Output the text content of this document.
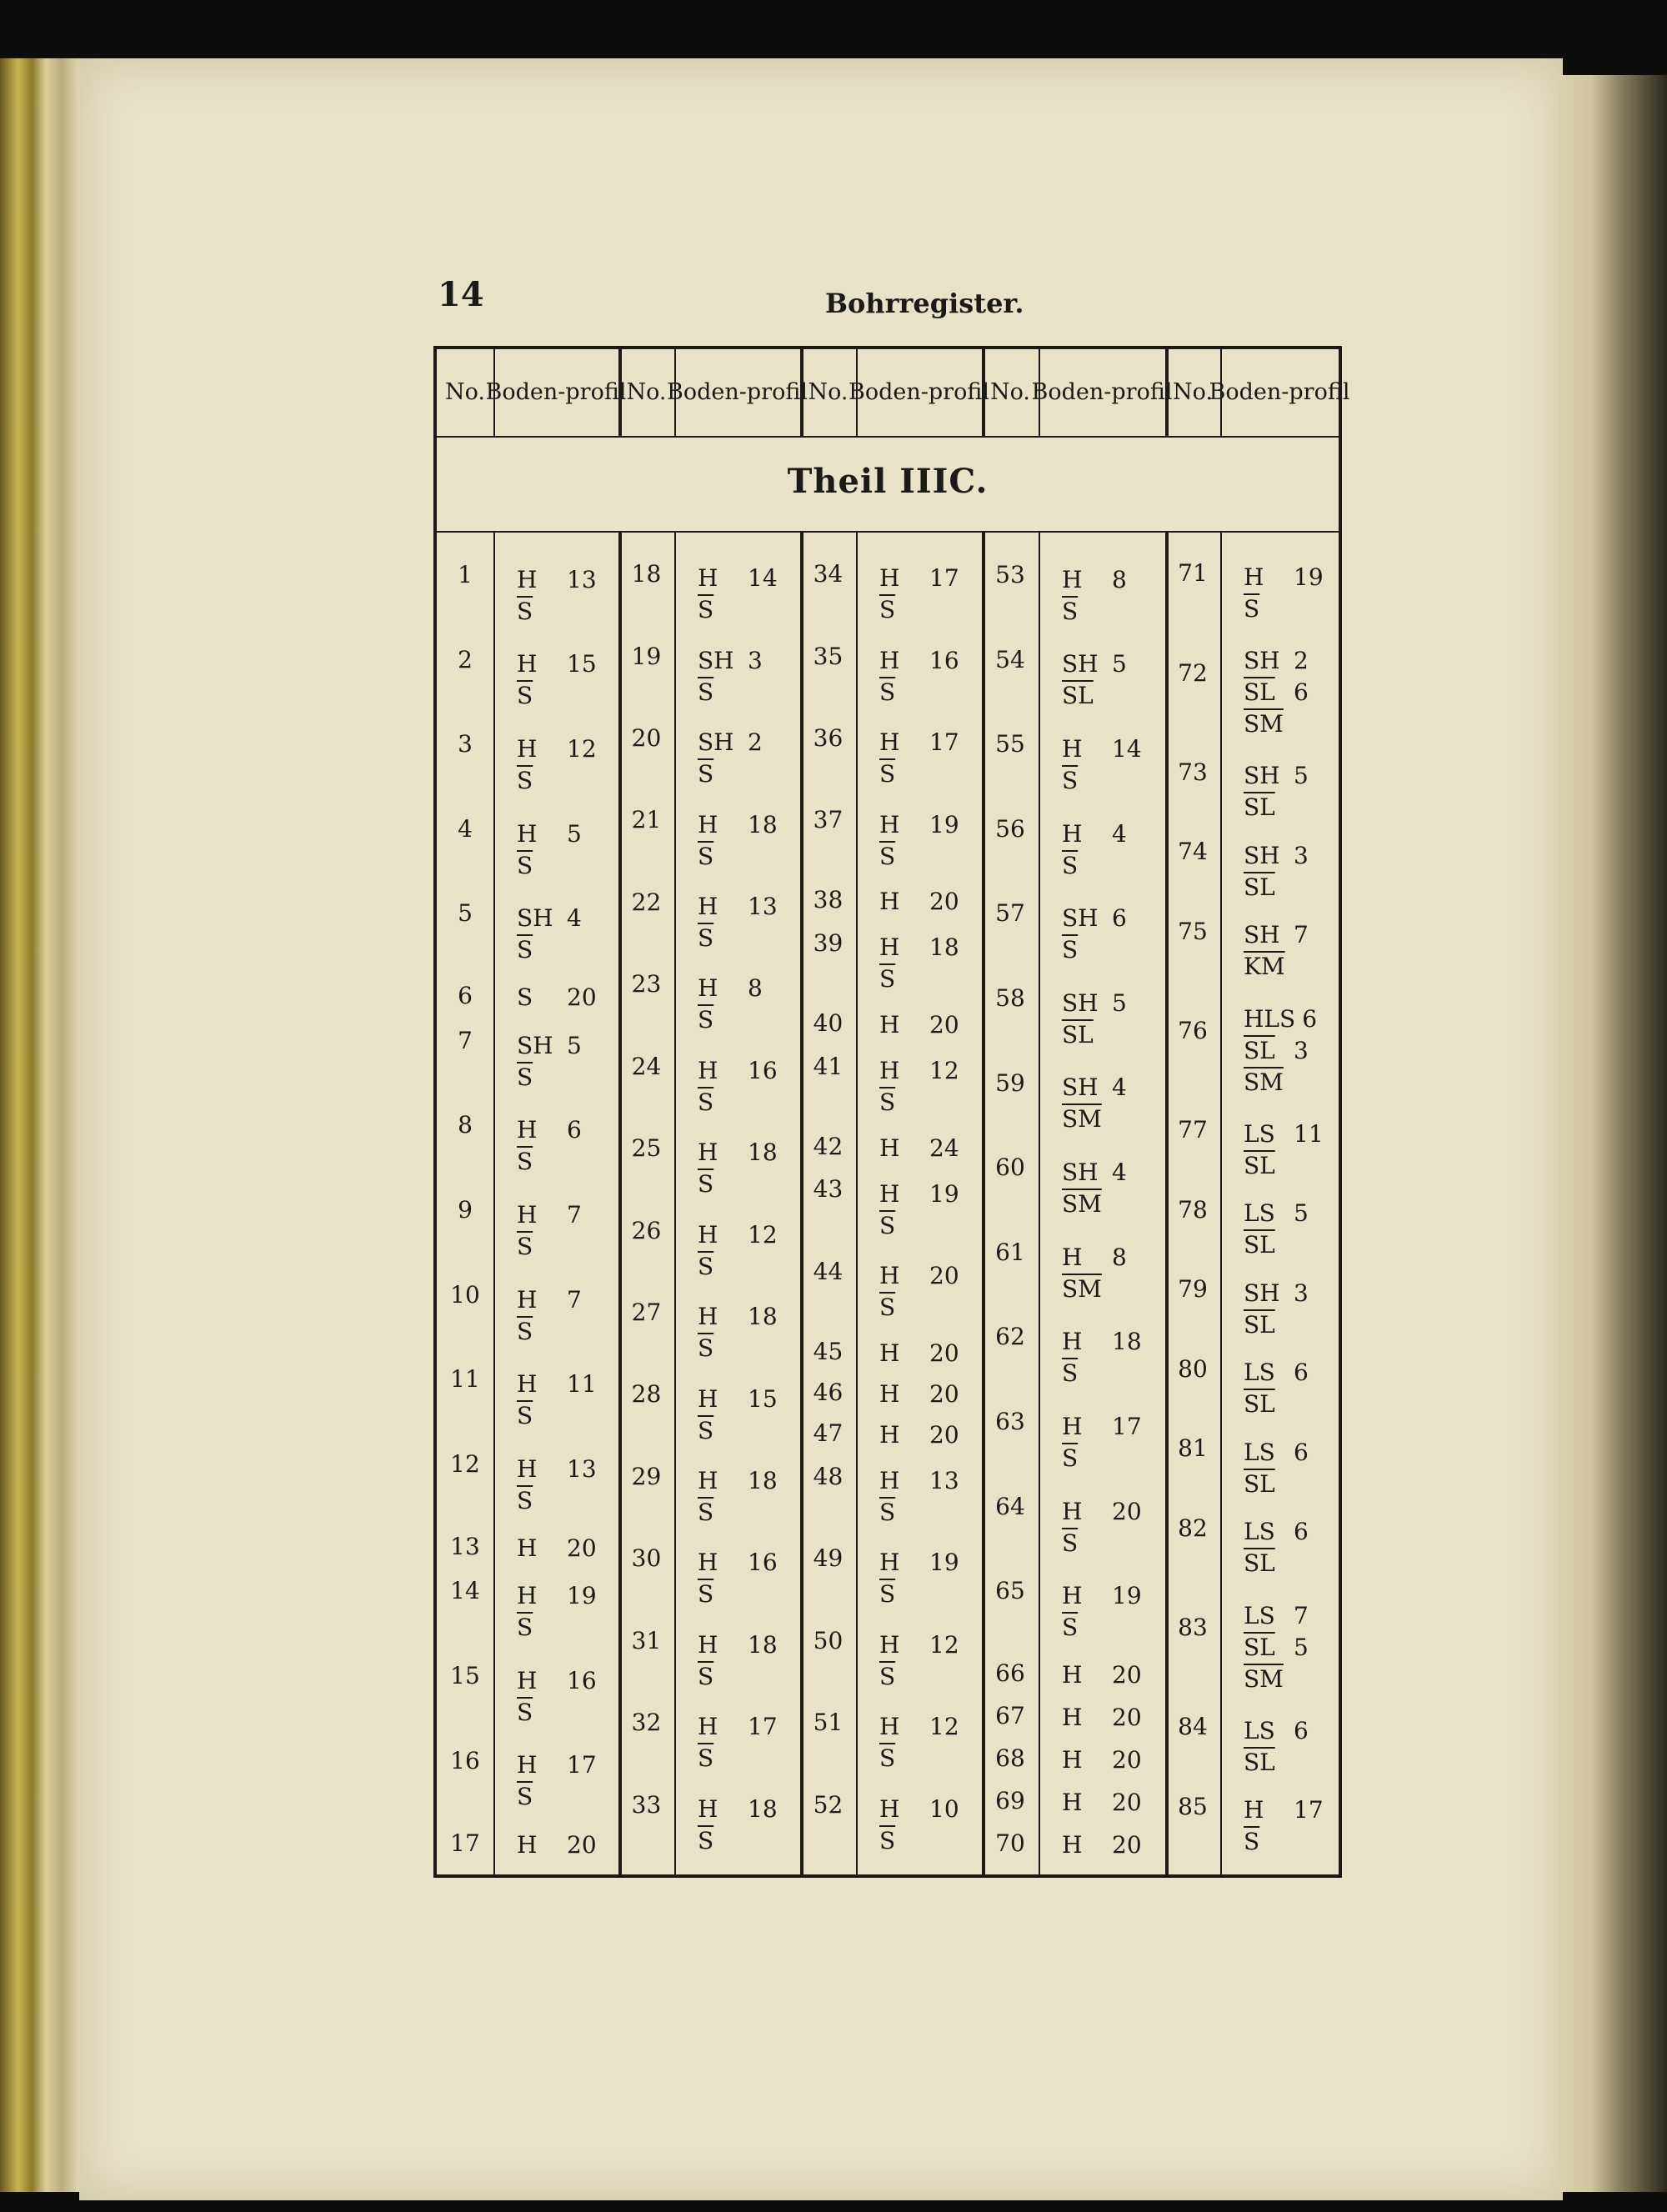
14	Bohrregister.
Theil IIIC.
No. Boden- profil
1	H 13
$\overline{S}$
2	H 15
$\overline{S}$
3	H 12
$\overline{S}$
4	H 5
$\overline{S}$
5	SH 4
$\overline{S}$
6	S 20
7	SH 5
$\overline{S}$
8	H 6
$\overline{S}$
9	H 7
$\overline{S}$
10	H 7
$\overline{S}$
11	H 11
$\overline{S}$
12	H 13
$\overline{S}$
13	H 20
14	H 19
$\overline{S}$
15	H 16
$\overline{S}$
16	H 17
$\overline{S}$
17	H 20
No. Boden- profil
18	H 14
$\overline{S}$
19	SH 3
$\overline{S}$
20	SH 2
$\overline{S}$
21	H 18
$\overline{S}$
22	H 13
$\overline{S}$
23	H 8
$\overline{S}$
24	H 16
$\overline{S}$
25	H 18
$\overline{S}$
26	H 12
$\overline{S}$
27	H 18
$\overline{S}$
28	H 15
$\overline{S}$
29	H 18
$\overline{S}$
30	H 16
$\overline{S}$
31	H 18
$\overline{S}$
32	H 17
$\overline{S}$
33	H 18
$\overline{S}$
No. Boden- profil
34	H 17
$\overline{S}$
35	H 16
$\overline{S}$
36	H 17
$\overline{S}$
37	H 19
$\overline{S}$
38	H 20
39	H 18
$\overline{S}$
40	H 20
41	H 12
$\overline{S}$
42	H 24
43	H 19
$\overline{S}$
44	H 20
$\overline{S}$
45	H 20
46	H 20
47	H 20
48	H 13
$\overline{S}$
49	H 19
$\overline{S}$
50	H 12
$\overline{S}$
51	H 12
$\overline{S}$
52	H 10
$\overline{S}$
No. Boden- profil
53	H 8
$\overline{S}$
54	SH 5
$\overline{SL}$
55	H 14
$\overline{S}$
56	H 4
$\overline{S}$
57	SH 6
$\overline{S}$
58	SH 5
$\overline{SL}$
59	SH 4
$\overline{SM}$
60	SH 4
$\overline{SM}$
61	H 8
$\overline{SM}$
62	H 18
$\overline{S}$
63	H 17
$\overline{S}$
64	H 20
$\overline{S}$
65	H 19
$\overline{S}$
66	H 20
67	H 20
68	H 20
69	H 20
70	H 20
No.
Boden- profil
71	H 19
$\overline{S}$
72	SH 2
$\overline{SL}$ 6
$\overline{SM}$
73	SH 5
$\overline{SL}$
74	SH 3
$\overline{SL}$
75	SH 7
$\overline{KM}$
76	HLS 6
$\overline{SL}$ 3
$\overline{SM}$
77	LS 11
$\overline{SL}$
78	LS 5
$\overline{SL}$
79	SH 3
$\overline{SL}$
80	LS 6
$\overline{SL}$
81	LS 6
$\overline{SL}$
82	LS 6
$\overline{SL}$
83	LS 7
$\overline{SL}$ 5
$\overline{SM}$
84	LS 6
$\overline{SL}$
85	H 17
$\overline{S}$
